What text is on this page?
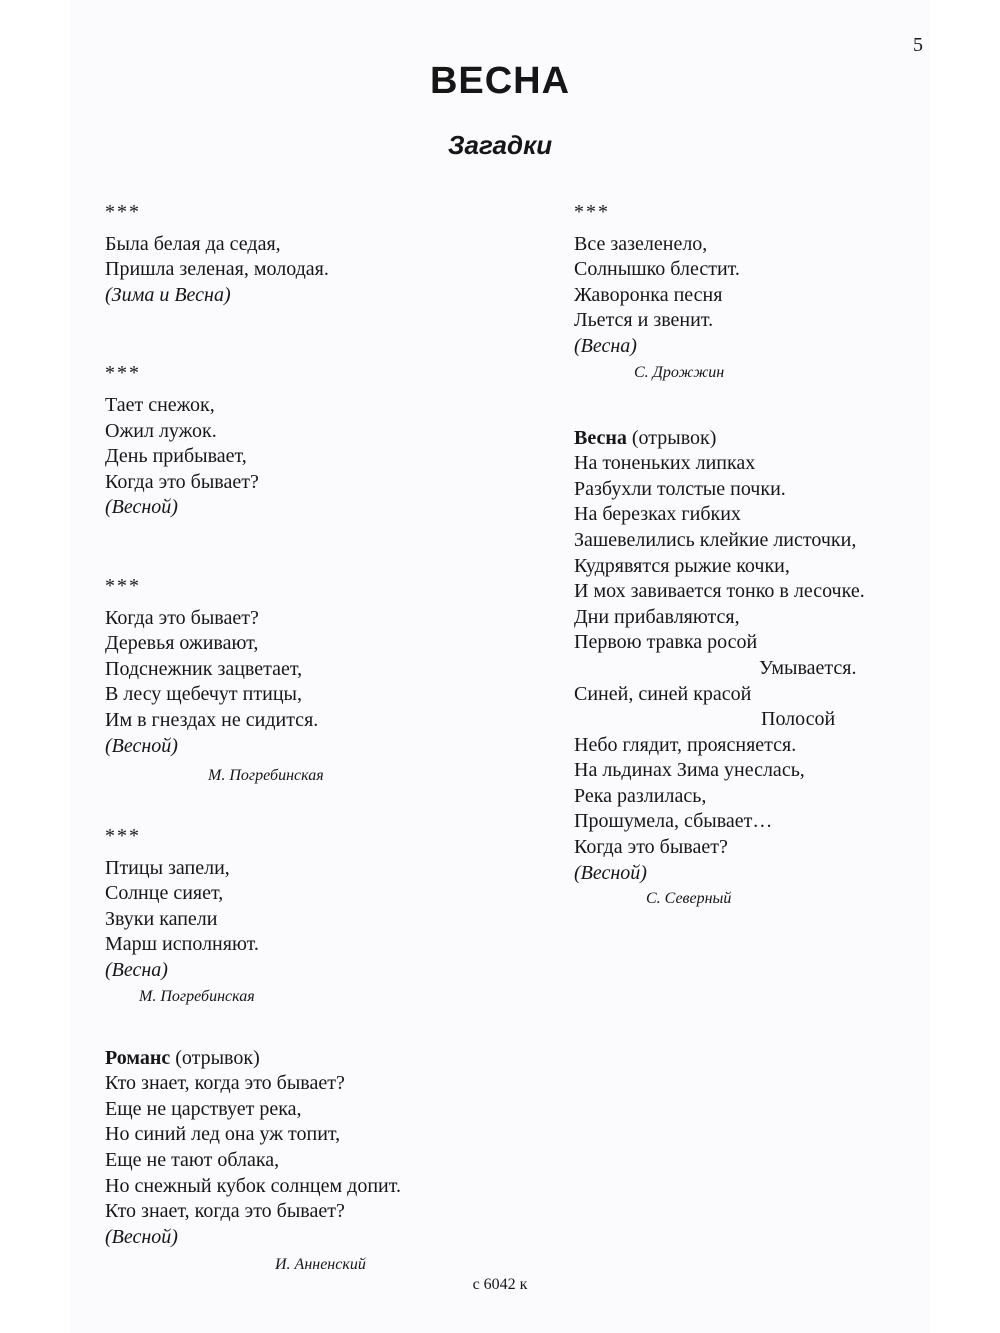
5
ВЕСНА
Загадки
***
Была белая да седая,
Пришла зеленая, молодая.
(Зима и Весна)
***
Тает снежок,
Ожил лужок.
День прибывает,
Когда это бывает?
(Весной)
***
Когда это бывает?
Деревья оживают,
Подснежник зацветает,
В лесу щебечут птицы,
Им в гнездах не сидится.
(Весной)
М. Погребинская
***
Птицы запели,
Солнце сияет,
Звуки капели
Марш исполняют.
(Весна)
М. Погребинская
Романс (отрывок)
Кто знает, когда это бывает?
Еще не царствует река,
Но синий лед она уж топит,
Еще не тают облака,
Но снежный кубок солнцем допит.
Кто знает, когда это бывает?
(Весной)
И. Анненский
***
Все зазеленело,
Солнышко блестит.
Жаворонка песня
Льется и звенит.
(Весна)
С. Дрожжин
Весна (отрывок)
На тоненьких липках
Разбухли толстые почки.
На березках гибких
Зашевелились клейкие листочки,
Кудрявятся рыжие кочки,
И мох завивается тонко в лесочке.
Дни прибавляются,
Первою травка росой
Умывается.
Синей, синей красой
Полосой
Небо глядит, проясняется.
На льдинах Зима унеслась,
Река разлилась,
Прошумела, сбывает…
Когда это бывает?
(Весной)
С. Северный
с 6042 к
